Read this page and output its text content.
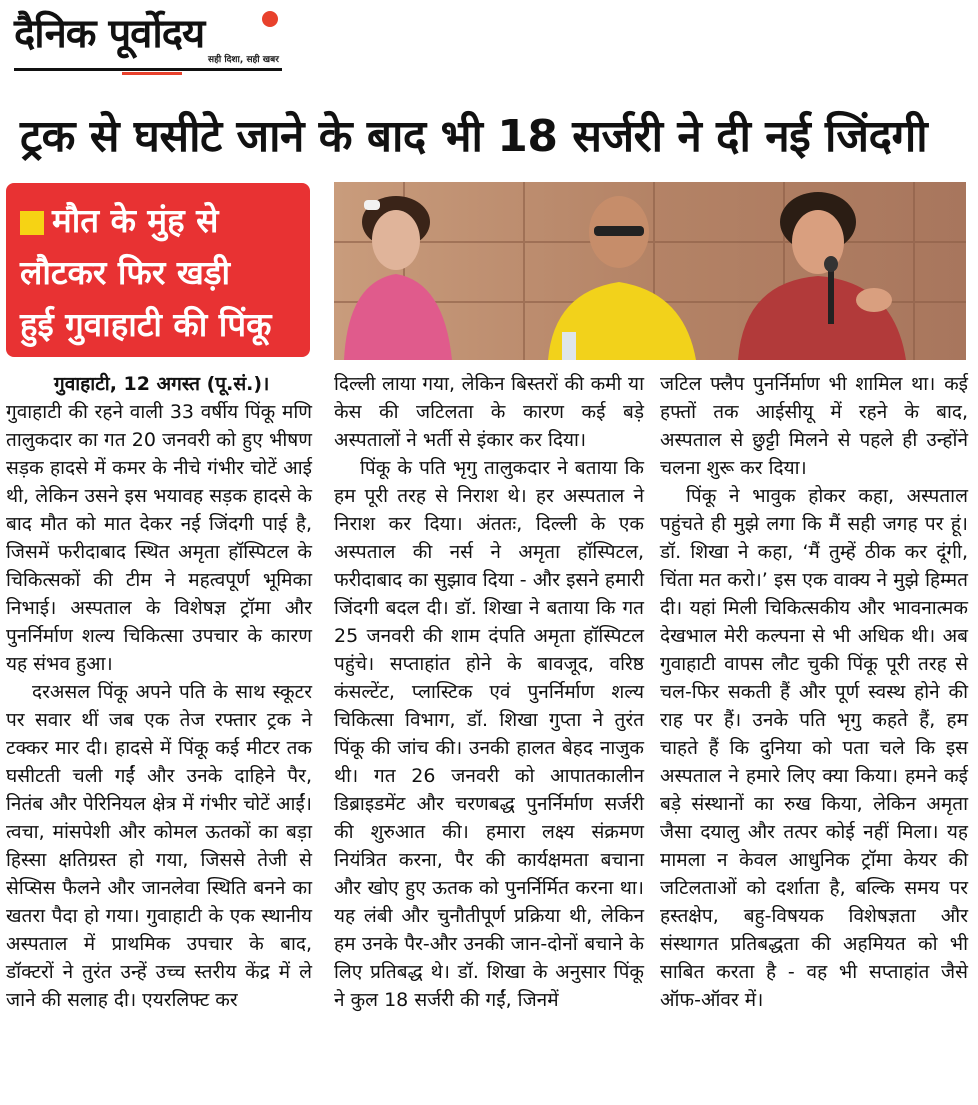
दैनिक पूर्वोदय
सही दिशा, सही खबर
ट्रक से घसीटे जाने के बाद भी 18 सर्जरी ने दी नई जिंदगी
मौत के मुंह से
लौटकर फिर खड़ी
हुई गुवाहाटी की पिंकू

गुवाहाटी, 12 अगस्त (पू.सं.)।
गुवाहाटी की रहने वाली 33 वर्षीय पिंकू मणि तालुकदार का गत 20 जनवरी को हुए भीषण सड़क हादसे में कमर के नीचे गंभीर चोटें आई थी, लेकिन उसने इस भयावह सड़क हादसे के बाद मौत को मात देकर नई जिंदगी पाई है, जिसमें फरीदाबाद स्थित अमृता हॉस्पिटल के चिकित्सकों की टीम ने महत्वपूर्ण भूमिका निभाई। अस्पताल के विशेषज्ञ ट्रॉमा और पुनर्निर्माण शल्य चिकित्सा उपचार के कारण यह संभव हुआ।

दरअसल पिंकू अपने पति के साथ स्कूटर पर सवार थीं जब एक तेज रफ्तार ट्रक ने टक्कर मार दी। हादसे में पिंकू कई मीटर तक घसीटती चली गईं और उनके दाहिने पैर, नितंब और पेरिनियल क्षेत्र में गंभीर चोटें आईं। त्वचा, मांसपेशी और कोमल ऊतकों का बड़ा हिस्सा क्षतिग्रस्त हो गया, जिससे तेजी से सेप्सिस फैलने और जानलेवा स्थिति बनने का खतरा पैदा हो गया। गुवाहाटी के एक स्थानीय अस्पताल में प्राथमिक उपचार के बाद, डॉक्टरों ने तुरंत उन्हें उच्च स्तरीय केंद्र में ले जाने की सलाह दी। एयरलिफ्ट कर

दिल्ली लाया गया, लेकिन बिस्तरों की कमी या केस की जटिलता के कारण कई बड़े अस्पतालों ने भर्ती से इंकार कर दिया।

पिंकू के पति भृगु तालुकदार ने बताया कि हम पूरी तरह से निराश थे। हर अस्पताल ने निराश कर दिया। अंततः, दिल्ली के एक अस्पताल की नर्स ने अमृता हॉस्पिटल, फरीदाबाद का सुझाव दिया - और इसने हमारी जिंदगी बदल दी। डॉ. शिखा ने बताया कि गत 25 जनवरी की शाम दंपति अमृता हॉस्पिटल पहुंचे। सप्ताहांत होने के बावजूद, वरिष्ठ कंसल्टेंट, प्लास्टिक एवं पुनर्निर्माण शल्य चिकित्सा विभाग, डॉ. शिखा गुप्ता ने तुरंत पिंकू की जांच की। उनकी हालत बेहद नाजुक थी। गत 26 जनवरी को आपातकालीन डिब्राइडमेंट और चरणबद्ध पुनर्निर्माण सर्जरी की शुरुआत की। हमारा लक्ष्य संक्रमण नियंत्रित करना, पैर की कार्यक्षमता बचाना और खोए हुए ऊतक को पुनर्निर्मित करना था। यह लंबी और चुनौतीपूर्ण प्रक्रिया थी, लेकिन हम उनके पैर-और उनकी जान-दोनों बचाने के लिए प्रतिबद्ध थे। डॉ. शिखा के अनुसार पिंकू ने कुल 18 सर्जरी की गईं, जिनमें

जटिल फ्लैप पुनर्निर्माण भी शामिल था। कई हफ्तों तक आईसीयू में रहने के बाद, अस्पताल से छुट्टी मिलने से पहले ही उन्होंने चलना शुरू कर दिया।

पिंकू ने भावुक होकर कहा, अस्पताल पहुंचते ही मुझे लगा कि मैं सही जगह पर हूं। डॉ. शिखा ने कहा, ‘मैं तुम्हें ठीक कर दूंगी, चिंता मत करो।’ इस एक वाक्य ने मुझे हिम्मत दी। यहां मिली चिकित्सकीय और भावनात्मक देखभाल मेरी कल्पना से भी अधिक थी। अब गुवाहाटी वापस लौट चुकी पिंकू पूरी तरह से चल-फिर सकती हैं और पूर्ण स्वस्थ होने की राह पर हैं। उनके पति भृगु कहते हैं, हम चाहते हैं कि दुनिया को पता चले कि इस अस्पताल ने हमारे लिए क्या किया। हमने कई बड़े संस्थानों का रुख किया, लेकिन अमृता जैसा दयालु और तत्पर कोई नहीं मिला। यह मामला न केवल आधुनिक ट्रॉमा केयर की जटिलताओं को दर्शाता है, बल्कि समय पर हस्तक्षेप, बहु-विषयक विशेषज्ञता और संस्थागत प्रतिबद्धता की अहमियत को भी साबित करता है - वह भी सप्ताहांत जैसे ऑफ-ऑवर में।
